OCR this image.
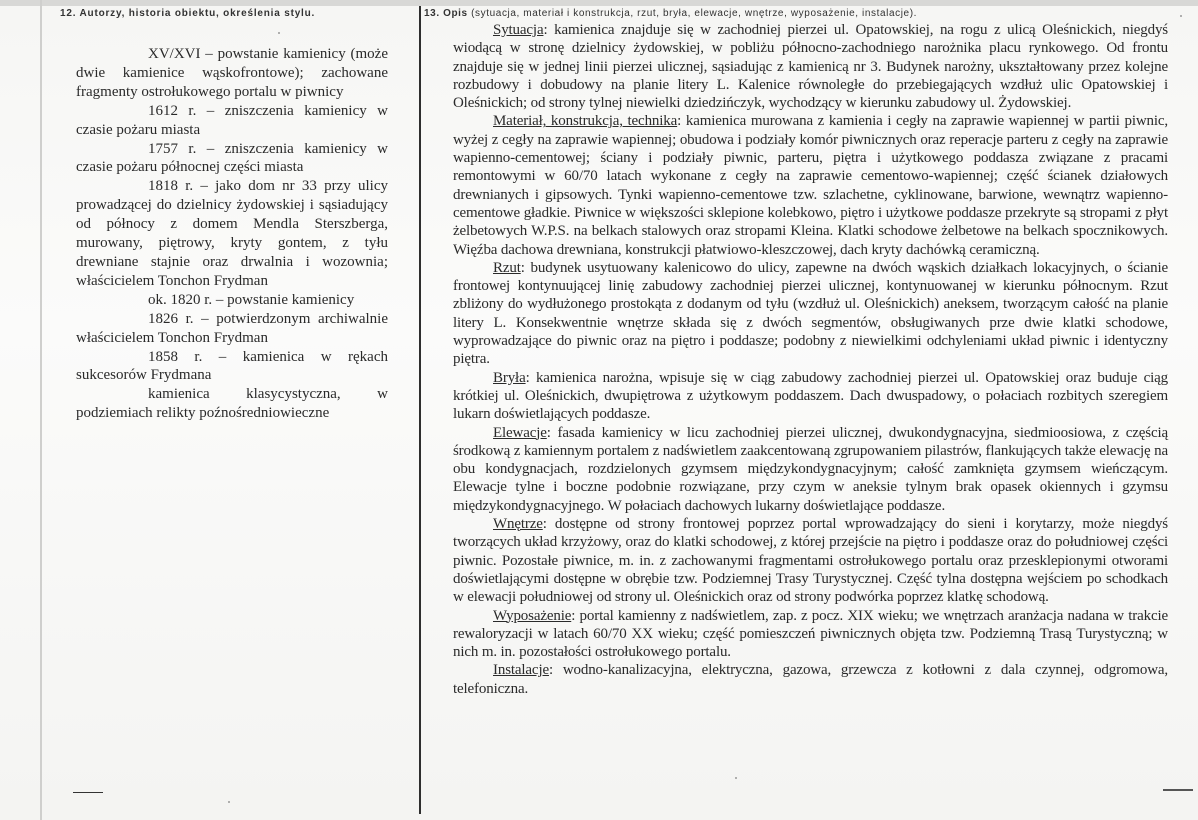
12. Autorzy, historia obiektu, określenia stylu.

XV/XVI – powstanie kamienicy (może dwie kamienice wąskofrontowe); zachowane fragmenty ostrołukowego portalu w piwnicy

1612 r. – zniszczenia kamienicy w czasie pożaru miasta

1757 r. – zniszczenia kamienicy w czasie pożaru północnej części miasta

1818 r. – jako dom nr 33 przy ulicy prowadzącej do dzielnicy żydowskiej i sąsiadujący od północy z domem Mendla Sterszberga, murowany, piętrowy, kryty gontem, z tyłu drewniane stajnie oraz drwalnia i wozownia; właścicielem Tonchon Frydman

ok. 1820 r. – powstanie kamienicy

1826 r. – potwierdzonym archiwalnie właścicielem Tonchon Frydman

1858 r. – kamienica w rękach sukcesorów Frydmana

kamienica klasycystyczna, w podziemiach relikty poźnośredniowieczne

13. Opis (sytuacja, materiał i konstrukcja, rzut, bryła, elewacje, wnętrze, wyposażenie, instalacje).

Sytuacja: kamienica znajduje się w zachodniej pierzei ul. Opatowskiej, na rogu z ulicą Oleśnickich, niegdyś wiodącą w stronę dzielnicy żydowskiej, w pobliżu północno-zachodniego narożnika placu rynkowego. Od frontu znajduje się w jednej linii pierzei ulicznej, sąsiadując z kamienicą nr 3. Budynek narożny, ukształtowany przez kolejne rozbudowy i dobudowy na planie litery L. Kalenice równoległe do przebiegających wzdłuż ulic Opatowskiej i Oleśnickich; od strony tylnej niewielki dziedzińczyk, wychodzący w kierunku zabudowy ul. Żydowskiej.

Materiał, konstrukcja, technika: kamienica murowana z kamienia i cegły na zaprawie wapiennej w partii piwnic, wyżej z cegły na zaprawie wapiennej; obudowa i podziały komór piwnicznych oraz reperacje parteru z cegły na zaprawie wapienno-cementowej; ściany i podziały piwnic, parteru, piętra i użytkowego poddasza związane z pracami remontowymi w 60/70 latach wykonane z cegły na zaprawie cementowo-wapiennej; część ścianek działowych drewnianych i gipsowych. Tynki wapienno-cementowe tzw. szlachetne, cyklinowane, barwione, wewnątrz wapienno-cementowe gładkie. Piwnice w większości sklepione kolebkowo, piętro i użytkowe poddasze przekryte są stropami z płyt żelbetowych W.P.S. na belkach stalowych oraz stropami Kleina. Klatki schodowe żelbetowe na belkach spocznikowych. Więźba dachowa drewniana, konstrukcji płatwiowo-kleszczowej, dach kryty dachówką ceramiczną.

Rzut: budynek usytuowany kalenicowo do ulicy, zapewne na dwóch wąskich działkach lokacyjnych, o ścianie frontowej kontynuującej linię zabudowy zachodniej pierzei ulicznej, kontynuowanej w kierunku północnym. Rzut zbliżony do wydłużonego prostokąta z dodanym od tyłu (wzdłuż ul. Oleśnickich) aneksem, tworzącym całość na planie litery L. Konsekwentnie wnętrze składa się z dwóch segmentów, obsługiwanych prze dwie klatki schodowe, wyprowadzające do piwnic oraz na piętro i poddasze; podobny z niewielkimi odchyleniami układ piwnic i identyczny piętra.

Bryła: kamienica narożna, wpisuje się w ciąg zabudowy zachodniej pierzei ul. Opatowskiej oraz buduje ciąg krótkiej ul. Oleśnickich, dwupiętrowa z użytkowym poddaszem. Dach dwuspadowy, o połaciach rozbitych szeregiem lukarn doświetlających poddasze.

Elewacje: fasada kamienicy w licu zachodniej pierzei ulicznej, dwukondygnacyjna, siedmioosiowa, z częścią środkową z kamiennym portalem z nadświetlem zaakcentowaną zgrupowaniem pilastrów, flankujących także elewację na obu kondygnacjach, rozdzielonych gzymsem międzykondygnacyjnym; całość zamknięta gzymsem wieńczącym. Elewacje tylne i boczne podobnie rozwiązane, przy czym w aneksie tylnym brak opasek okiennych i gzymsu międzykondygnacyjnego. W połaciach dachowych lukarny doświetlające poddasze.

Wnętrze: dostępne od strony frontowej poprzez portal wprowadzający do sieni i korytarzy, może niegdyś tworzących układ krzyżowy, oraz do klatki schodowej, z której przejście na piętro i poddasze oraz do południowej części piwnic. Pozostałe piwnice, m. in. z zachowanymi fragmentami ostrołukowego portalu oraz przesklepionymi otworami doświetlającymi dostępne w obrębie tzw. Podziemnej Trasy Turystycznej. Część tylna dostępna wejściem po schodkach w elewacji południowej od strony ul. Oleśnickich oraz od strony podwórka poprzez klatkę schodową.

Wyposażenie: portal kamienny z nadświetlem, zap. z pocz. XIX wieku; we wnętrzach aranżacja nadana w trakcie rewaloryzacji w latach 60/70 XX wieku; część pomieszczeń piwnicznych objęta tzw. Podziemną Trasą Turystyczną; w nich m. in. pozostałości ostrołukowego portalu.

Instalacje: wodno-kanalizacyjna, elektryczna, gazowa, grzewcza z kotłowni z dala czynnej, odgromowa, telefoniczna.
